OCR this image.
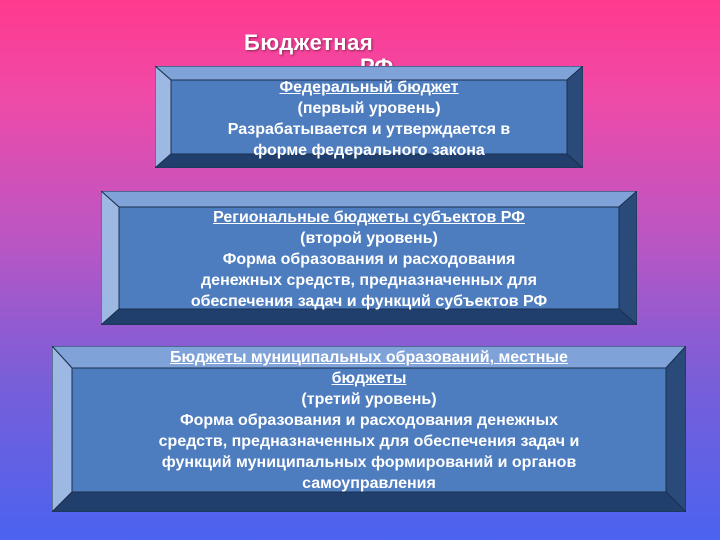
Бюджетная
Федеральный бюджет
(первый уровень)
Разрабатывается и утверждается в
форме федерального закона
Региональные бюджеты субъектов РФ
(второй уровень)
Форма образования и расходования
денежных средств, предназначенных для
обеспечения задач и функций субъектов РФ
Бюджеты муниципальных образований, местные
бюджеты
(третий уровень)
Форма образования и расходования денежных
средств, предназначенных для обеспечения задач и
функций муниципальных формирований и органов
самоуправления
